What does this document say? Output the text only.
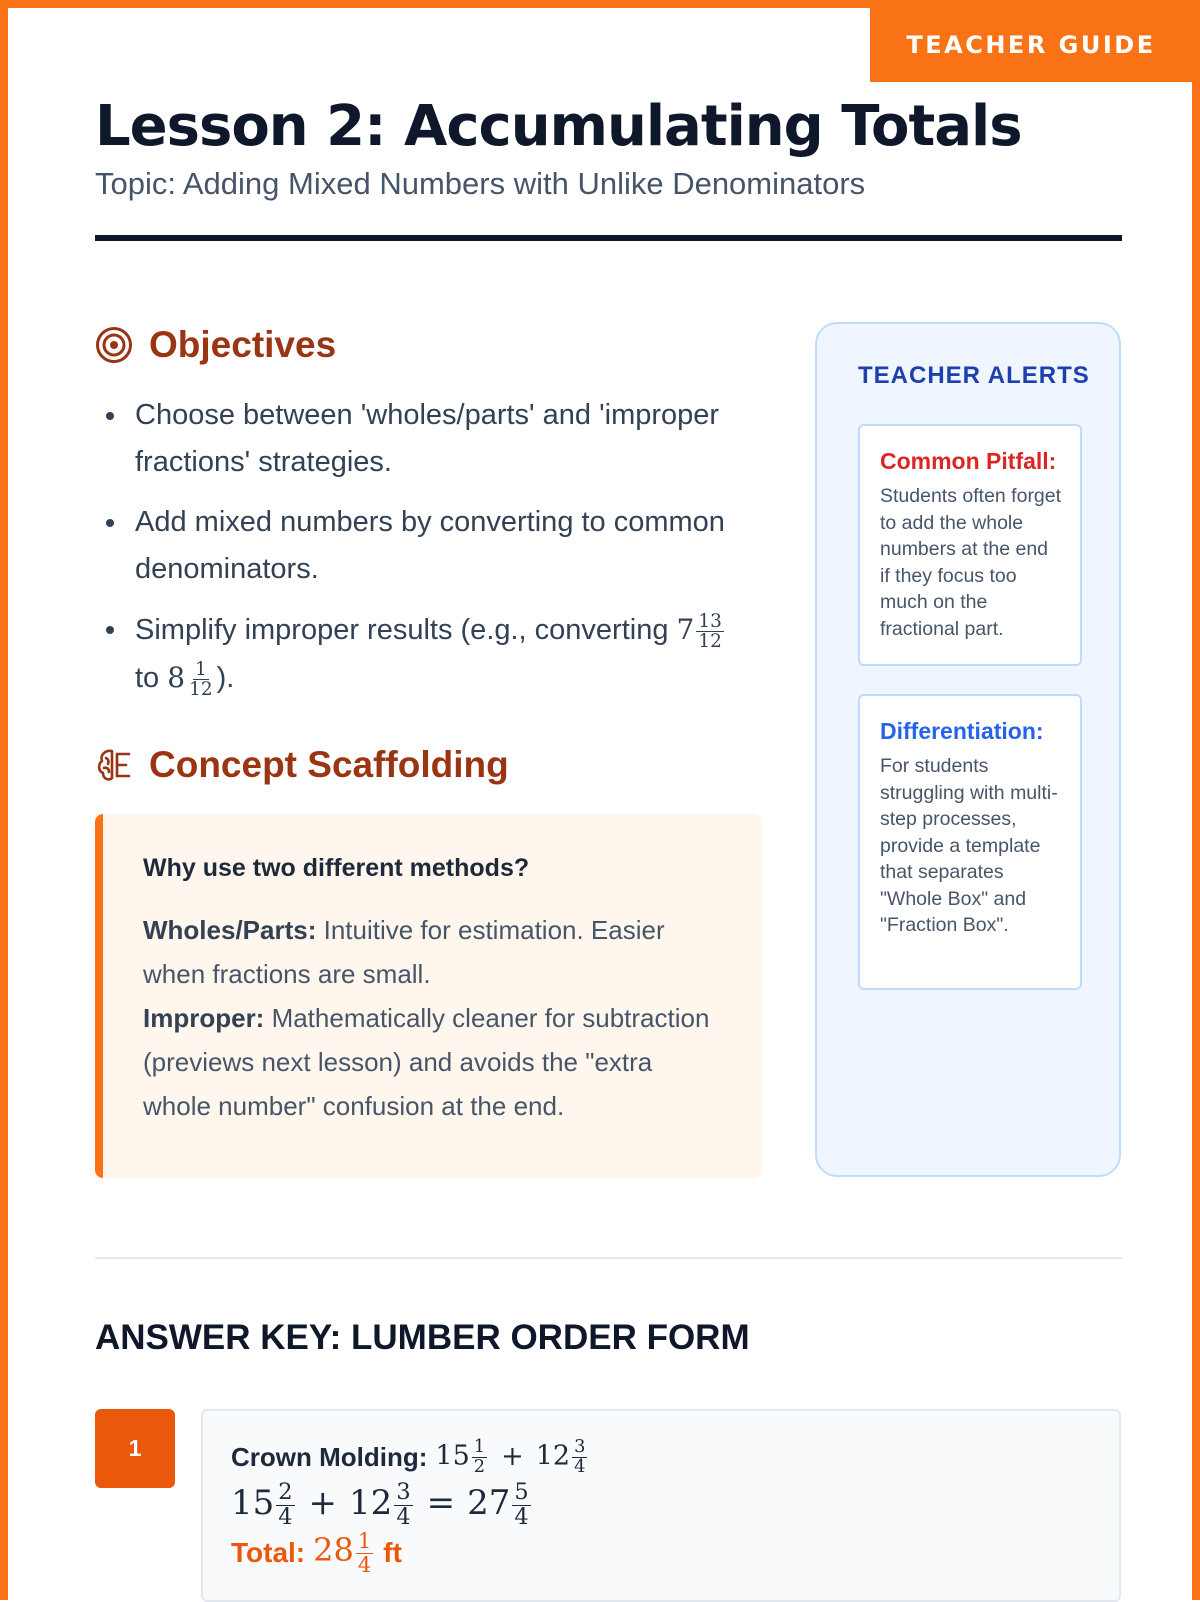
TEACHER GUIDE
Lesson 2: Accumulating Totals
Topic: Adding Mixed Numbers with Unlike Denominators
Objectives
Choose between 'wholes/parts' and 'improper fractions' strategies.
Add mixed numbers by converting to common denominators.
Simplify improper results (e.g., converting $7 \frac{13}{12}$

to $8 \frac{1}{12}$ ).
Concept Scaffolding
Why use two different methods?
Wholes/Parts: Intuitive for estimation. Easier when fractions are small.
Improper: Mathematically cleaner for subtraction (previews next lesson) and avoids the "extra whole number" confusion at the end.
TEACHER ALERTS
Common Pitfall:
Students often forget to add the whole numbers at the end if they focus too much on the fractional part.
Differentiation:
For students struggling with multi-step processes, provide a template that separates "Whole Box" and "Fraction Box".
ANSWER KEY: LUMBER ORDER FORM
1	Crown Molding: $15 \frac{1}{2} + 12 \frac{3}{4}$
$15 \frac{2}{4} + 12 \frac{3}{4} = 27 \frac{5}{4}$
Total: $28 \frac{1}{4}$ ft
